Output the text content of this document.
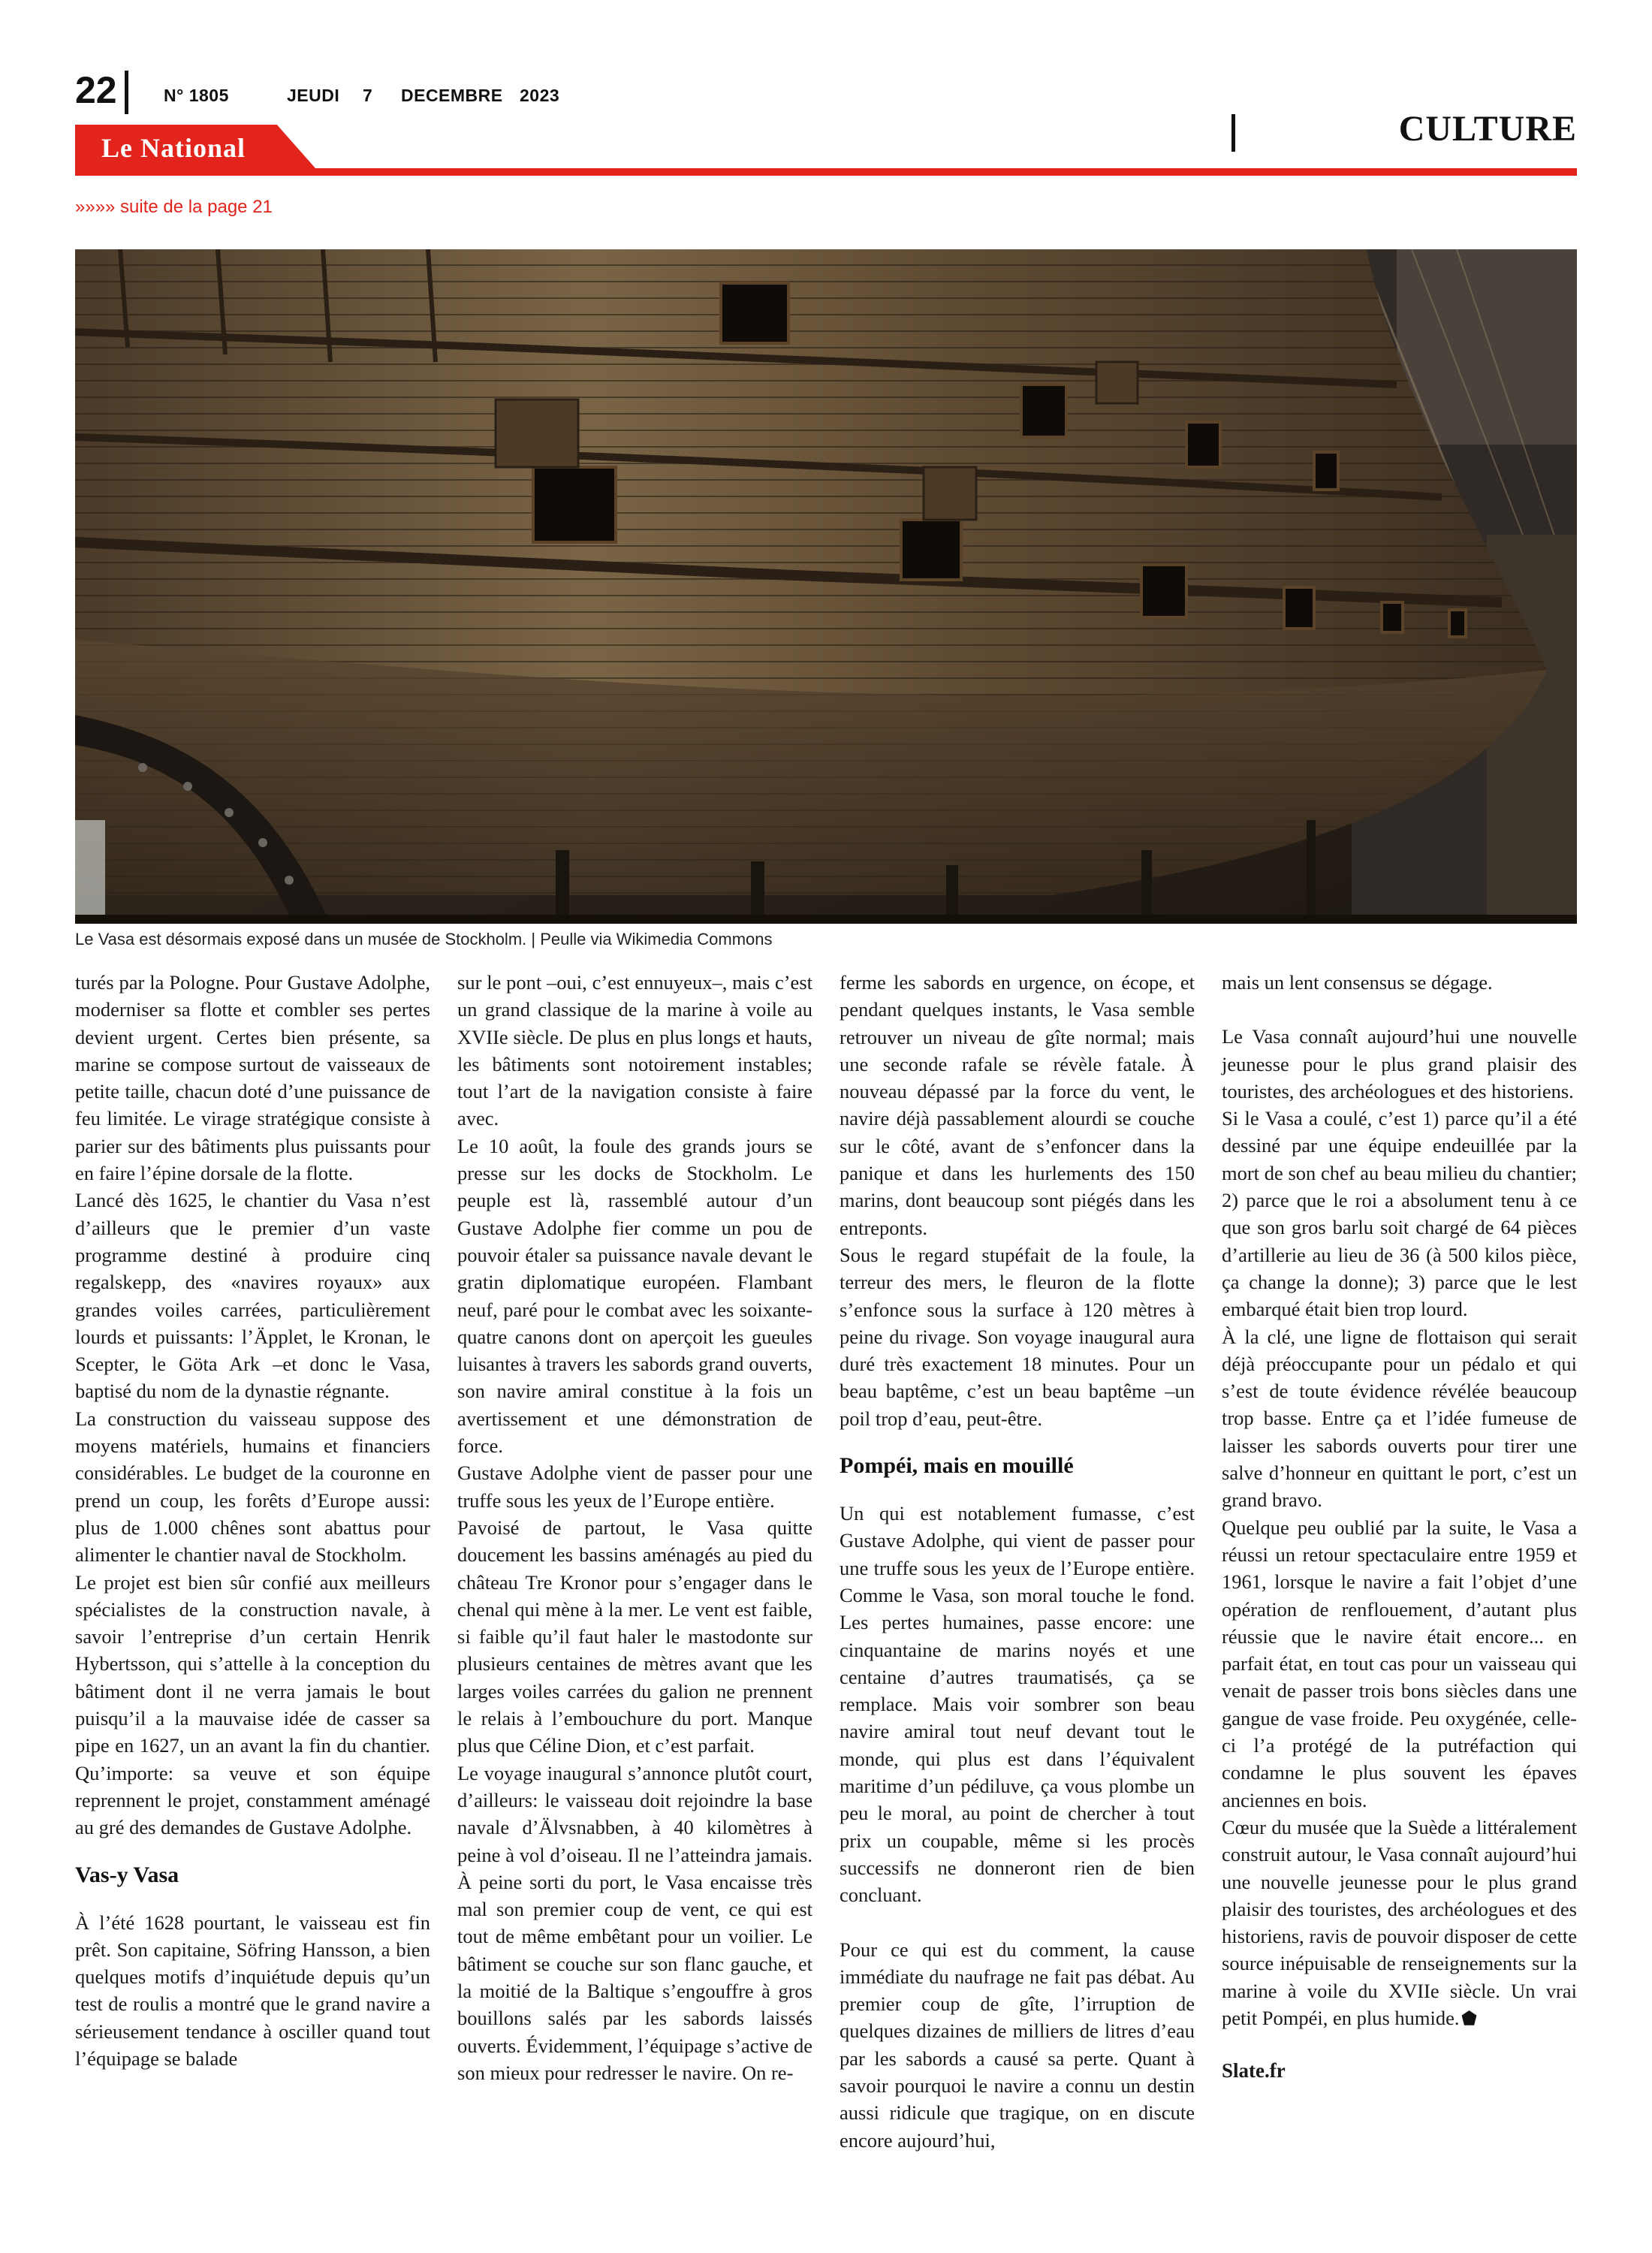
22	N° 1805	JEUDI 7 DECEMBRE 2023
CULTURE
Le National
»»»» suite de la page 21
Le Vasa est désormais exposé dans un musée de Stockholm. | Peulle via Wikimedia Commons

turés par la Pologne. Pour Gustave Adolphe, moderniser sa flotte et combler ses pertes devient urgent. Certes bien présente, sa marine se compose surtout de vaisseaux de petite taille, chacun doté d’une puissance de feu limitée. Le virage stratégique consiste à parier sur des bâtiments plus puissants pour en faire l’épine dorsale de la flotte.

Lancé dès 1625, le chantier du Vasa n’est d’ailleurs que le premier d’un vaste programme destiné à produire cinq regalskepp, des «navires royaux» aux grandes voiles carrées, particulièrement lourds et puissants: l’Äpplet, le Kronan, le Scepter, le Göta Ark –et donc le Vasa, baptisé du nom de la dynastie régnante.

La construction du vaisseau suppose des moyens matériels, humains et financiers considérables. Le budget de la couronne en prend un coup, les forêts d’Europe aussi: plus de 1.000 chênes sont abattus pour alimenter le chantier naval de Stockholm.

Le projet est bien sûr confié aux meilleurs spécialistes de la construction navale, à savoir l’entreprise d’un certain Henrik Hybertsson, qui s’attelle à la conception du bâtiment dont il ne verra jamais le bout puisqu’il a la mauvaise idée de casser sa pipe en 1627, un an avant la fin du chantier. Qu’importe: sa veuve et son équipe reprennent le projet, constamment aménagé au gré des demandes de Gustave Adolphe.

Vas-y Vasa

À l’été 1628 pourtant, le vaisseau est fin prêt. Son capitaine, Söfring Hansson, a bien quelques motifs d’inquiétude depuis qu’un test de roulis a montré que le grand navire a sérieusement tendance à osciller quand tout l’équipage se balade

sur le pont –oui, c’est ennuyeux–, mais c’est un grand classique de la marine à voile au XVIIe siècle. De plus en plus longs et hauts, les bâtiments sont notoirement instables; tout l’art de la navigation consiste à faire avec.

Le 10 août, la foule des grands jours se presse sur les docks de Stockholm. Le peuple est là, rassemblé autour d’un Gustave Adolphe fier comme un pou de pouvoir étaler sa puissance navale devant le gratin diplomatique européen. Flambant neuf, paré pour le combat avec les soixante-quatre canons dont on aperçoit les gueules luisantes à travers les sabords grand ouverts, son navire amiral constitue à la fois un avertissement et une démonstration de force.

Gustave Adolphe vient de passer pour une truffe sous les yeux de l’Europe entière.

Pavoisé de partout, le Vasa quitte doucement les bassins aménagés au pied du château Tre Kronor pour s’engager dans le chenal qui mène à la mer. Le vent est faible, si faible qu’il faut haler le mastodonte sur plusieurs centaines de mètres avant que les larges voiles carrées du galion ne prennent le relais à l’embouchure du port. Manque plus que Céline Dion, et c’est parfait.

Le voyage inaugural s’annonce plutôt court, d’ailleurs: le vaisseau doit rejoindre la base navale d’Älvsnabben, à 40 kilomètres à peine à vol d’oiseau. Il ne l’atteindra jamais. À peine sorti du port, le Vasa encaisse très mal son premier coup de vent, ce qui est tout de même embêtant pour un voilier. Le bâtiment se couche sur son flanc gauche, et la moitié de la Baltique s’engouffre à gros bouillons salés par les sabords laissés ouverts. Évidemment, l’équipage s’active de son mieux pour redresser le navire. On re-

ferme les sabords en urgence, on écope, et pendant quelques instants, le Vasa semble retrouver un niveau de gîte normal; mais une seconde rafale se révèle fatale. À nouveau dépassé par la force du vent, le navire déjà passablement alourdi se couche sur le côté, avant de s’enfoncer dans la panique et dans les hurlements des 150 marins, dont beaucoup sont piégés dans les entreponts.

Sous le regard stupéfait de la foule, la terreur des mers, le fleuron de la flotte s’enfonce sous la surface à 120 mètres à peine du rivage. Son voyage inaugural aura duré très exactement 18 minutes. Pour un beau baptême, c’est un beau baptême –un poil trop d’eau, peut-être.

Pompéi, mais en mouillé

Un qui est notablement fumasse, c’est Gustave Adolphe, qui vient de passer pour une truffe sous les yeux de l’Europe entière. Comme le Vasa, son moral touche le fond. Les pertes humaines, passe encore: une cinquantaine de marins noyés et une centaine d’autres traumatisés, ça se remplace. Mais voir sombrer son beau navire amiral tout neuf devant tout le monde, qui plus est dans l’équivalent maritime d’un pédiluve, ça vous plombe un peu le moral, au point de chercher à tout prix un coupable, même si les procès successifs ne donneront rien de bien concluant.

Pour ce qui est du comment, la cause immédiate du naufrage ne fait pas débat. Au premier coup de gîte, l’irruption de quelques dizaines de milliers de litres d’eau par les sabords a causé sa perte. Quant à savoir pourquoi le navire a connu un destin aussi ridicule que tragique, on en discute encore aujourd’hui,

mais un lent consensus se dégage.

Le Vasa connaît aujourd’hui une nouvelle jeunesse pour le plus grand plaisir des touristes, des archéologues et des historiens.

Si le Vasa a coulé, c’est 1) parce qu’il a été dessiné par une équipe endeuillée par la mort de son chef au beau milieu du chantier; 2) parce que le roi a absolument tenu à ce que son gros barlu soit chargé de 64 pièces d’artillerie au lieu de 36 (à 500 kilos pièce, ça change la donne); 3) parce que le lest embarqué était bien trop lourd.

À la clé, une ligne de flottaison qui serait déjà préoccupante pour un pédalo et qui s’est de toute évidence révélée beaucoup trop basse. Entre ça et l’idée fumeuse de laisser les sabords ouverts pour tirer une salve d’honneur en quittant le port, c’est un grand bravo.

Quelque peu oublié par la suite, le Vasa a réussi un retour spectaculaire entre 1959 et 1961, lorsque le navire a fait l’objet d’une opération de renflouement, d’autant plus réussie que le navire était encore... en parfait état, en tout cas pour un vaisseau qui venait de passer trois bons siècles dans une gangue de vase froide. Peu oxygénée, celle-ci l’a protégé de la putréfaction qui condamne le plus souvent les épaves anciennes en bois.

Cœur du musée que la Suède a littéralement construit autour, le Vasa connaît aujourd’hui une nouvelle jeunesse pour le plus grand plaisir des touristes, des archéologues et des historiens, ravis de pouvoir disposer de cette source inépuisable de renseignements sur la marine à voile du XVIIe siècle. Un vrai petit Pompéi, en plus humide.

Slate.fr
